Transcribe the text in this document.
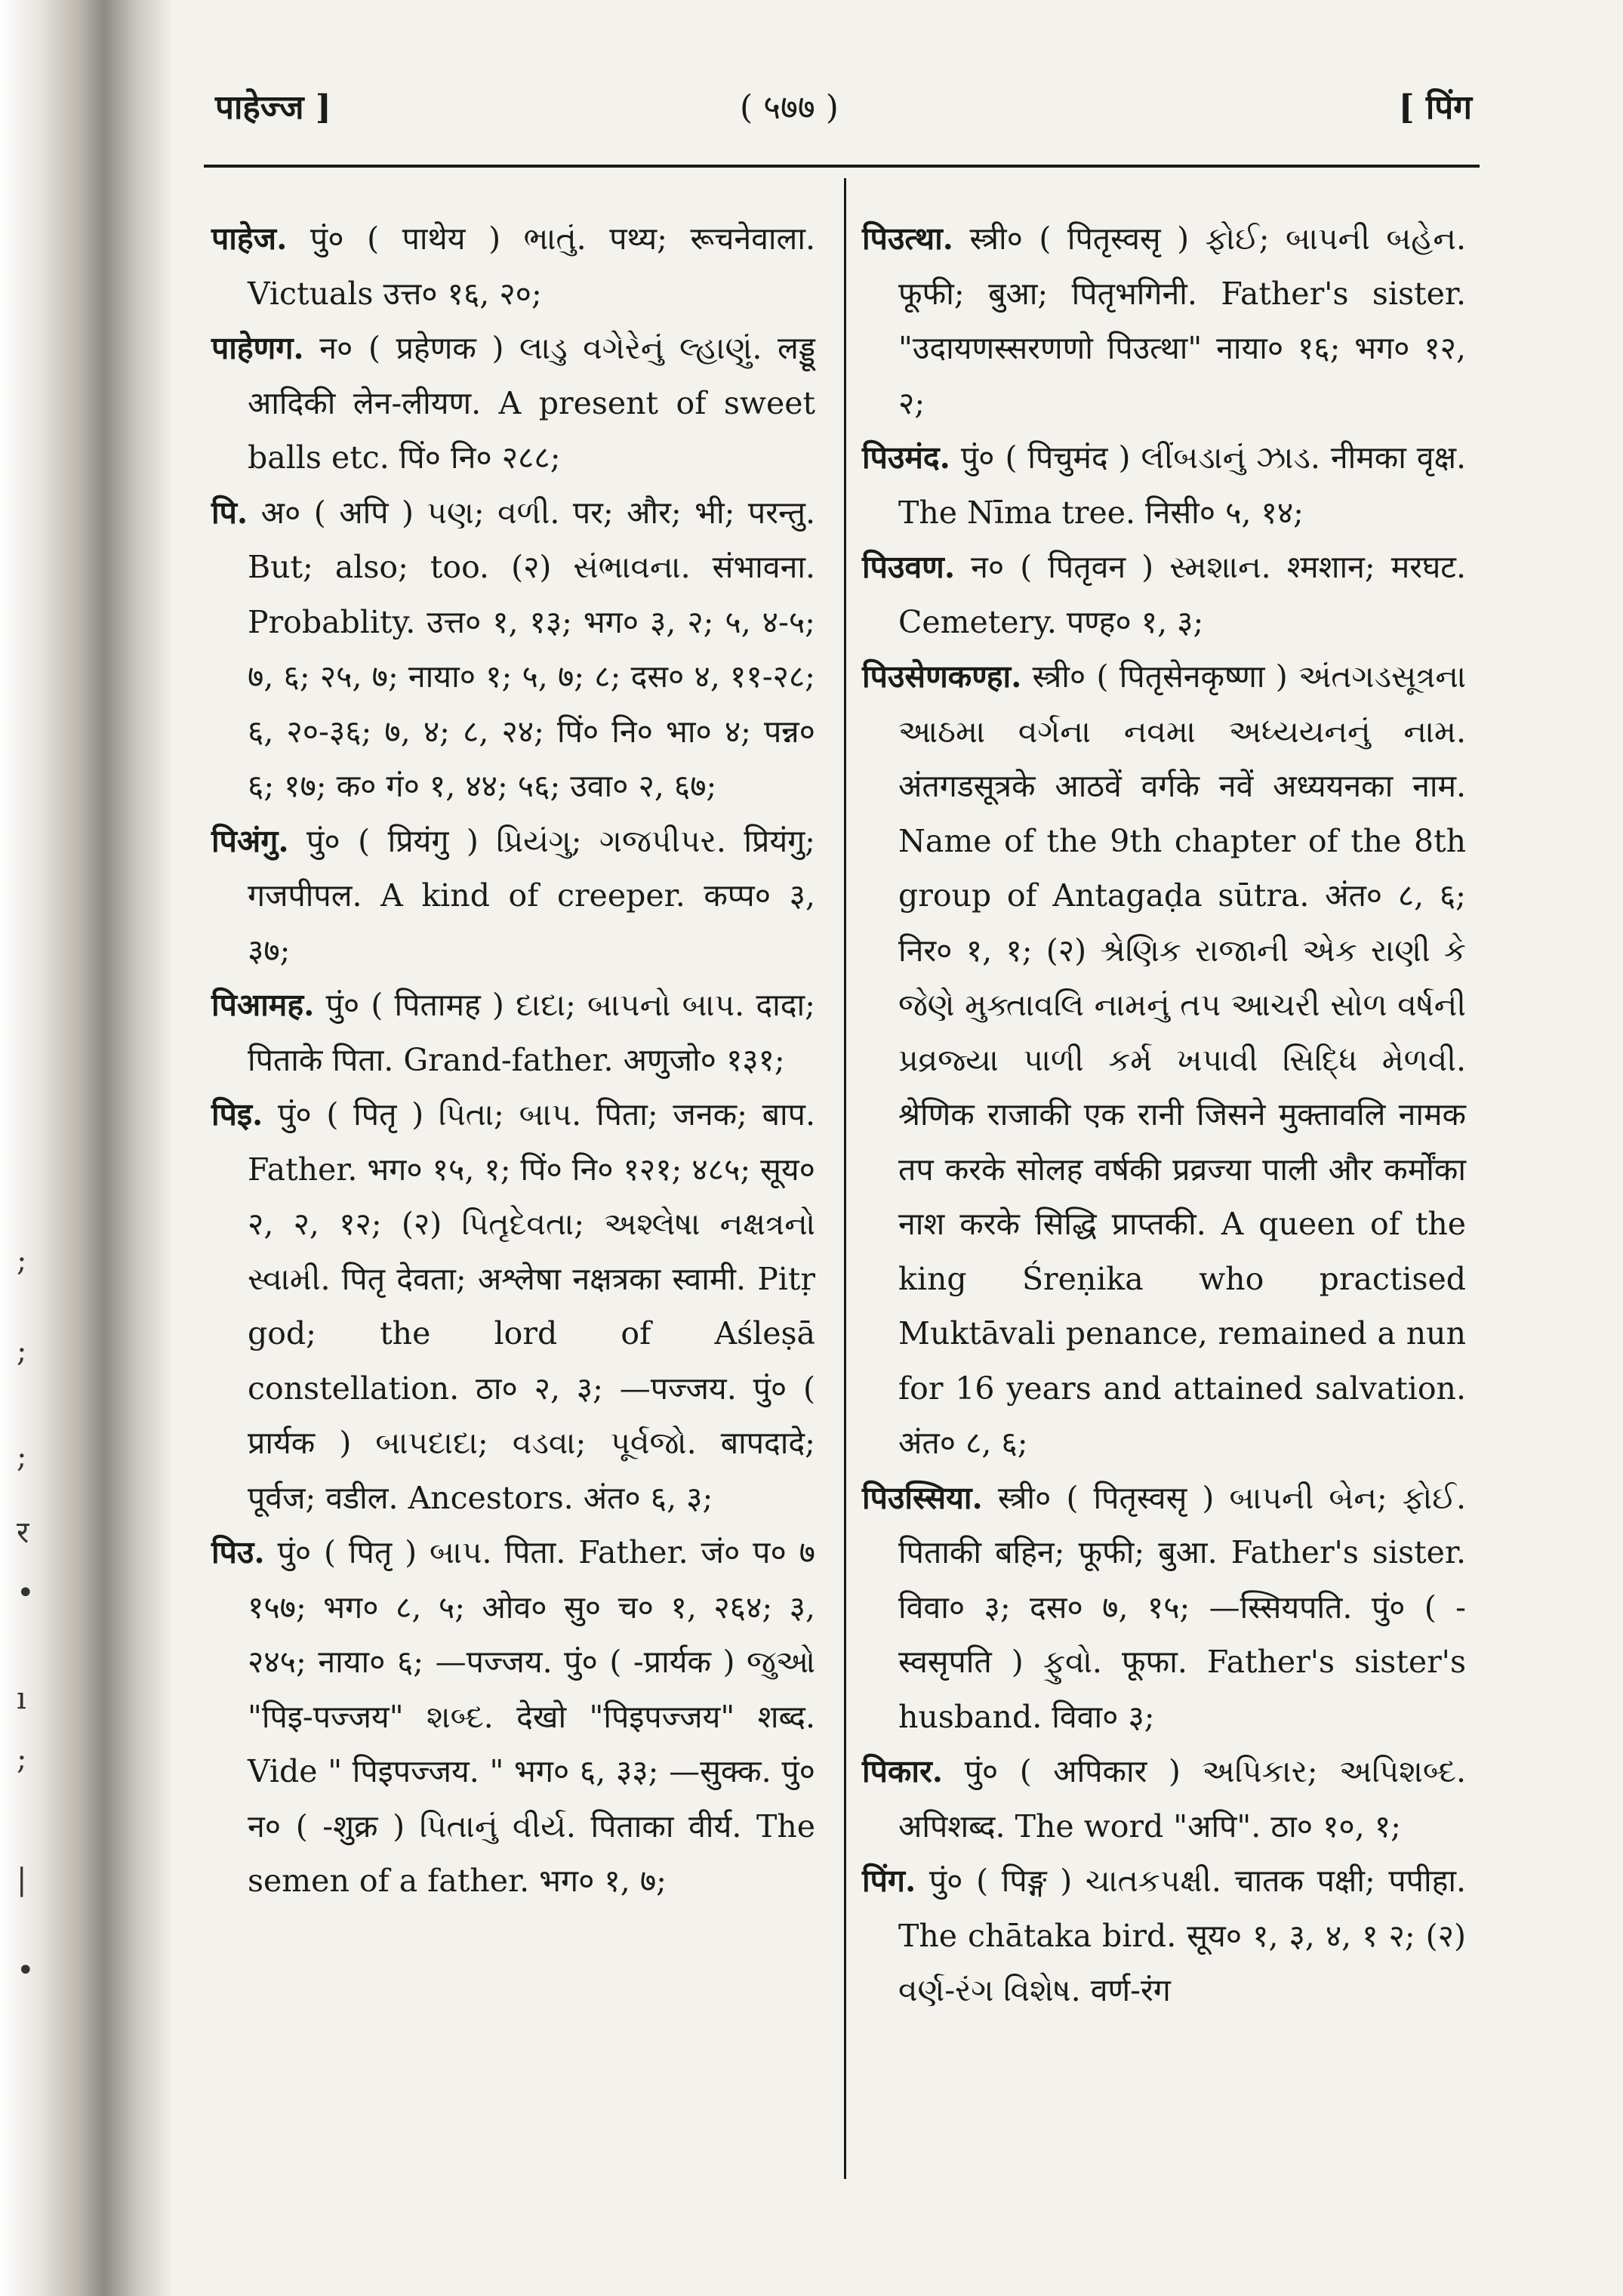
;
;
;
र
•
ı
;
|
•
पाहेज्ज ]	( ५७७ )	[ पिंग

पाहेज. पुं० ( पाथेय ) ભાતું. पथ्य; रूचनेवाला. Victuals उत्त० १६, २०;

पाहेणग. न० ( प्रहेणक ) લાડુ વગેરેનું લ્હાણું. लड्डू आदिकी लेन-लीयण. A present of sweet balls etc. पिं० नि० २८८;

पि. अ० ( अपि ) પણ; વળી. पर; और; भी; परन्तु. But; also; too. (२) સંભાવના. संभावना. Probablity. उत्त० १, १३; भग० ३, २; ५, ४-५; ७, ६; २५, ७; नाया० १; ५, ७; ८; दस० ४, ११-२८; ६, २०-३६; ७, ४; ८, २४; पिं० नि० भा० ४; पन्न० ६; १७; क० गं० १, ४४; ५६; उवा० २, ६७;

पिअंगु. पुं० ( प्रियंगु ) પ્રિયંગુ; ગજપીપર. प्रियंगु; गजपीपल. A kind of creeper. कप्प० ३, ३७;

पिआमह. पुं० ( पितामह ) દાદા; બાપનો બાપ. दादा; पिताके पिता. Grand-father. अणुजो० १३१;

पिइ. पुं० ( पितृ ) પિતા; બાપ. पिता; जनक; बाप. Father. भग० १५, १; पिं० नि० १२१; ४८५; सूय० २, २, १२; (२) પિતૃદેવતા; અશ્લેષા નક્ષત્રનો સ્વામી. पितृ देवता; अश्लेषा नक्षत्रका स्वामी. Pitṛ god; the lord of Aśleṣā constellation. ठा० २, ३; —पज्जय. पुं० ( प्रार्यक ) બાપદાદા; વડવા; પૂર્વજો. बापदादे; पूर्वज; वडील. Ancestors. अंत० ६, ३;

पिउ. पुं० ( पितृ ) બાપ. पिता. Father. जं० प० ७ १५७; भग० ८, ५; ओव० सु० च० १, २६४; ३, २४५; नाया० ६; —पज्जय. पुं० ( -प्रार्यक ) જુઓ "पिइ-पज्जय" શબ્દ. देखो "पिइपज्जय" शब्द. Vide " पिइपज्जय. " भग० ६, ३३; —सुक्क. पुं० न० ( -शुक्र ) પિતાનું વીર્ય. पिताका वीर्य. The semen of a father. भग० १, ७;

पिउत्था. स्त्री० ( पितृस्वसृ ) ફોઈ; બાપની બહેન. फूफी; बुआ; पितृभगिनी. Father's sister. "उदायणस्सरणणो पिउत्था" नाया० १६; भग० १२, २;

पिउमंद. पुं० ( पिचुमंद ) લીંબડાનું ઝાડ. नीमका वृक्ष. The Nīma tree. निसी० ५, १४;

पिउवण. न० ( पितृवन ) સ્મશાન. श्मशान; मरघट. Cemetery. पण्ह० १, ३;

पिउसेणकण्हा. स्त्री० ( पितृसेनकृष्णा ) અંતગડસૂત્રના આઠમા વર્ગના નવમા અધ્યયનનું નામ. अंतगडसूत्रके आठवें वर्गके नवें अध्ययनका नाम. Name of the 9th chapter of the 8th group of Antagaḍa sūtra. अंत० ८, ६; निर० १, १; (२) શ્રેણિક રાજાની એક રાણી કે જેણે મુક્તાવલિ નામનું તપ આચરી સોળ વર્ષની પ્રવ્રજ્યા પાળી કર્મ ખપાવી સિદ્ધિ મેળવી. श्रेणिक राजाकी एक रानी जिसने मुक्तावलि नामक तप करके सोलह वर्षकी प्रव्रज्या पाली और कर्मोंका नाश करके सिद्धि प्राप्तकी. A queen of the king Śreṇika who practised Muktāvali penance, remained a nun for 16 years and attained salvation. अंत० ८, ६;

पिउस्सिया. स्त्री० ( पितृस्वसृ ) બાપની બેન; ફોઈ. पिताकी बहिन; फूफी; बुआ. Father's sister. विवा० ३; दस० ७, १५; —स्सियपति. पुं० ( -स्वसृपति ) ફુવો. फूफा. Father's sister's husband. विवा० ३;

पिकार. पुं० ( अपिकार ) અપિકાર; અપિશબ્દ. अपिशब्द. The word "अपि". ठा० १०, १;

पिंग. पुं० ( पिङ्ग ) ચાતકપક્ષી. चातक पक्षी; पपीहा. The chātaka bird. सूय० १, ३, ४, १ २; (२) વર્ણ-રંગ વિશેષ. वर्ण-रंग
